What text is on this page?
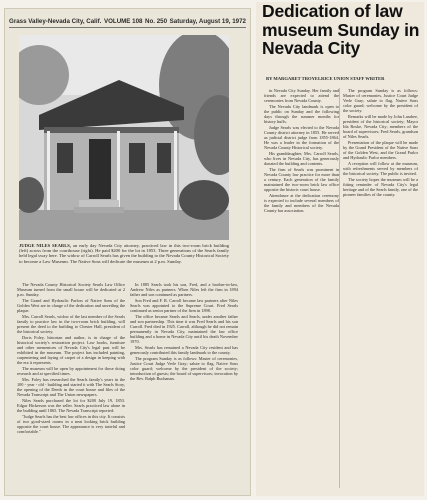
Grass Valley-Nevada City, Calif. VOLUME 108 No. 250 Saturday, August 19, 1972
JUDGE NILES SEARLS, an early day Nevada City attorney, practiced law in this two-room brick building (left) across from the courthouse (right). He paid $200 for the lot in 1853. Three generations of the Searls family held legal sway here. The widow of Carroll Searls has given the building to the Nevada County Historical Society to become a Law Museum. The Native Sons will dedicate the museum at 2 p.m. Sunday.

The Nevada County Historical Society Searls Law Office Museum turned from the small house will be dedicated at 2 p.m. Sunday.

The Grand and Hydraulic Parlors of Native Sons of the Golden West are in charge of the dedication and unveiling the plaque.

Mrs. Carroll Searls, widow of the last member of the Searls family to practice law in the two-room brick building, will present the deed to the building to Chester Hall, president of the historical society.

Doris Foley, historian and author, is in charge of the historical society's restoration project. Law books, furniture and other mementoes of Nevada City's legal past will be exhibited in the museum. The project has included painting, carpentering and laying of carpet of a design in keeping with the era it represents.

The museum will be open by appointment for those doing research and at specified times.

Mrs. Foley has researched the Searls family's years in the 100 - year - old - building and started it with The Searls Story, the opening of the Deeds in the court house and files of the Nevada Transcript and The Union newspapers.

Niles Searls purchased the lot for $200 July 19, 1853. Edgar Hickerson was the seller. Searls practiced law alone in the building until 1865. The Nevada Transcript reported:

"Judge Searls has the best law offices in this city. It consists of two good-sized rooms in a neat looking brick building opposite the court house. The appearance is very tasteful and comfortable."

In 1885 Searls took his son, Fred, and a brother-in-law, Andrew Niles as partners. When Niles left the firm in 1894 father and son continued as partners.

Son Fred and F. R. Carroll became law partners after Niles Searls was appointed to the Supreme Court. Fred Searls continued as senior partner of the firm in 1898.

The office became Searls and Searls, under another father and son partnership. This time it was Fred Searls and his son Carroll. Fred died in 1925. Carroll, although he did not remain permanently in Nevada City, maintained the law office building and a home in Nevada City until his death November 1970.

Mrs. Searls has remained a Nevada City resident and has generously contributed this family landmark to the county.

The program Sunday is as follows: Master of ceremonies, Justice Court Judge Verle Gray; salute to flag, Native Sons color guard; welcome by the president of the society; introduction of guests; the board of supervisors; invocation by the Rev. Ralph Buchanan.

Dedication of law museum Sunday in Nevada City
BY MARGARET TROYELRICE UNION STAFF WRITER

in Nevada City Sunday. Her family and friends are expected to attend the ceremonies from Nevada County.

The Nevada City landmark is open to the public on Sunday and the following days through the summer months for history buffs.

Judge Searls was elected to the Nevada County district attorney in 1855. He served as judicial district judge from 1855-1864. He was a leader in the formation of the Nevada County Historical society.

His granddaughter, Mrs. Carroll Searls, who lives in Nevada City, has generously donated the building and contents.

The firm of Searls was prominent in Nevada County law practice for more than a century. Each generation of the family maintained the two-room brick law office opposite the historic court house.

Attendance at the dedication ceremony is expected to include several members of the family and members of the Nevada County bar association.

The program Sunday is as follows: Master of ceremonies, Justice Court Judge Verle Gray; salute to flag, Native Sons color guard; welcome by the president of the society.

Remarks will be made by John Larabee, president of the historical society; Mayor Ida Roske, Nevada City; members of the board of supervisors; Fred Searls, grandson of Niles Searls.

Presentation of the plaque will be made by the Grand President of the Native Sons of the Golden West, and the Grand Parlor and Hydraulic Parlor members.

A reception will follow at the museum, with refreshments served by members of the historical society. The public is invited.

The society hopes the museum will be a fitting reminder of Nevada City's legal heritage and of the Searls family, one of the pioneer families of the county.
